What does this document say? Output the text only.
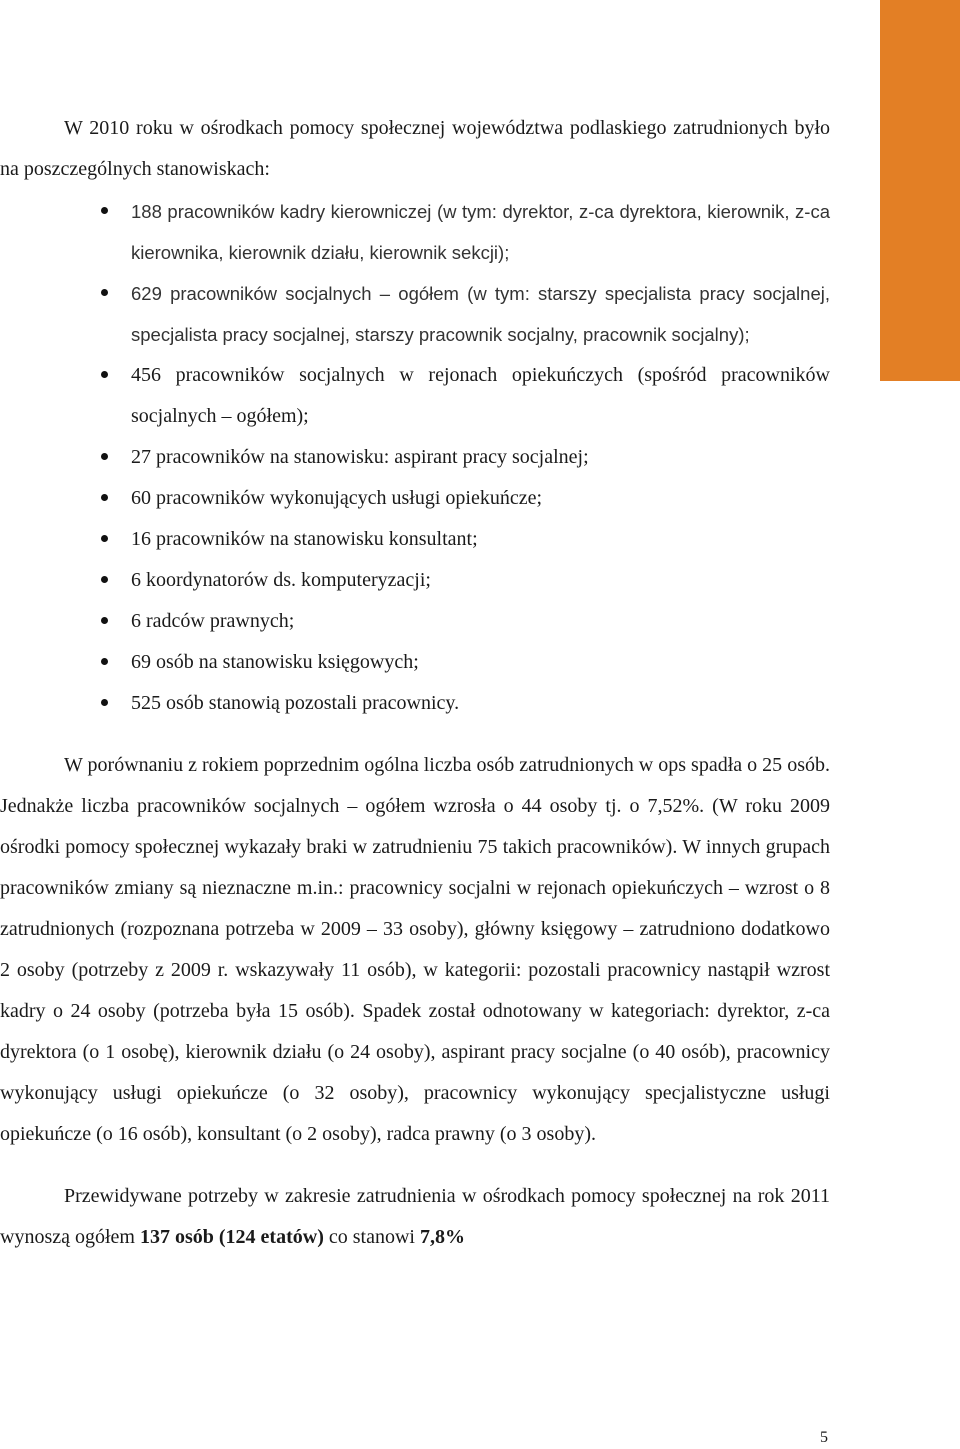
W 2010 roku w ośrodkach pomocy społecznej województwa podlaskiego zatrudnionych było na poszczególnych stanowiskach:

188 pracowników kadry kierowniczej (w tym: dyrektor, z-ca dyrektora, kierownik, z-ca kierownika, kierownik działu, kierownik sekcji);
629 pracowników socjalnych – ogółem (w tym: starszy specjalista pracy socjalnej, specjalista pracy socjalnej, starszy pracownik socjalny, pracownik socjalny);
456 pracowników socjalnych w rejonach opiekuńczych (spośród pracowników socjalnych – ogółem);
27 pracowników na stanowisku: aspirant pracy socjalnej;
60 pracowników wykonujących usługi opiekuńcze;
16 pracowników na stanowisku konsultant;
6 koordynatorów ds. komputeryzacji;
6 radców prawnych;
69 osób na stanowisku księgowych;
525 osób stanowią pozostali pracownicy.

W porównaniu z rokiem poprzednim ogólna liczba osób zatrudnionych w ops spadła o 25 osób. Jednakże liczba pracowników socjalnych – ogółem wzrosła o 44 osoby tj. o 7,52%. (W roku 2009 ośrodki pomocy społecznej wykazały braki w zatrudnieniu 75 takich pracowników). W innych grupach pracowników zmiany są nieznaczne m.in.: pracownicy socjalni w rejonach opiekuńczych – wzrost o 8 zatrudnionych (rozpoznana potrzeba w 2009 – 33 osoby), główny księgowy – zatrudniono dodatkowo 2 osoby (potrzeby z 2009 r. wskazywały 11 osób), w kategorii: pozostali pracownicy nastąpił wzrost kadry o 24 osoby (potrzeba była 15 osób). Spadek został odnotowany w kategoriach: dyrektor, z-ca dyrektora (o 1 osobę), kierownik działu (o 24 osoby), aspirant pracy socjalne (o 40 osób), pracownicy wykonujący usługi opiekuńcze (o 32 osoby), pracownicy wykonujący specjalistyczne usługi opiekuńcze (o 16 osób), konsultant (o 2 osoby), radca prawny (o 3 osoby).

Przewidywane potrzeby w zakresie zatrudnienia w ośrodkach pomocy społecznej na rok 2011 wynoszą ogółem 137 osób (124 etatów) co stanowi 7,8%

5
